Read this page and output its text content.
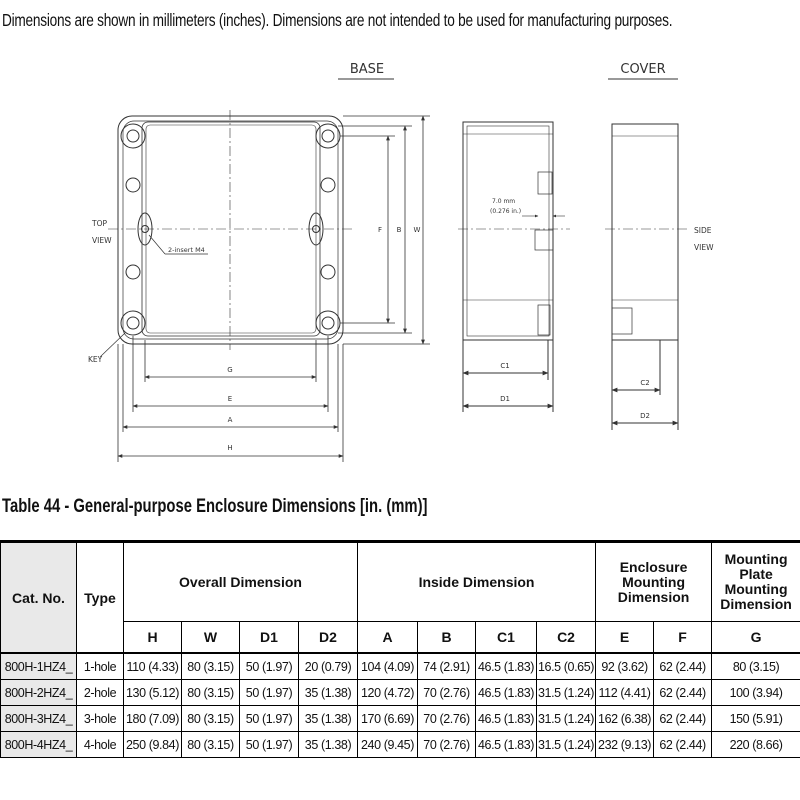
Dimensions are shown in millimeters (inches). Dimensions are not intended to be used for manufacturing purposes.
BASE	COVER
TOP
VIEW
2-insert M4
KEY
G
E
A
H
F B W
7.0 mm
(0.276 in.)
C1
D1
SIDE
VIEW
C2
D2
Table 44 - General-purpose Enclosure Dimensions [in. (mm)]
Cat. No.	Type	Overall Dimension				Inside Dimension				Enclosure Mounting Dimension		Mounting Plate Mounting Dimension
		H	W	D1	D2	A	B	C1	C2	E	F	G
800H-1HZ4_	1-hole	110 (4.33)	80 (3.15)	50 (1.97)	20 (0.79)	104 (4.09)	74 (2.91)	46.5 (1.83)	16.5 (0.65)	92 (3.62)	62 (2.44)	80 (3.15)
800H-2HZ4_	2-hole	130 (5.12)	80 (3.15)	50 (1.97)	35 (1.38)	120 (4.72)	70 (2.76)	46.5 (1.83)	31.5 (1.24)	112 (4.41)	62 (2.44)	100 (3.94)
800H-3HZ4_	3-hole	180 (7.09)	80 (3.15)	50 (1.97)	35 (1.38)	170 (6.69)	70 (2.76)	46.5 (1.83)	31.5 (1.24)	162 (6.38)	62 (2.44)	150 (5.91)
800H-4HZ4_	4-hole	250 (9.84)	80 (3.15)	50 (1.97)	35 (1.38)	240 (9.45)	70 (2.76)	46.5 (1.83)	31.5 (1.24)	232 (9.13)	62 (2.44)	220 (8.66)
